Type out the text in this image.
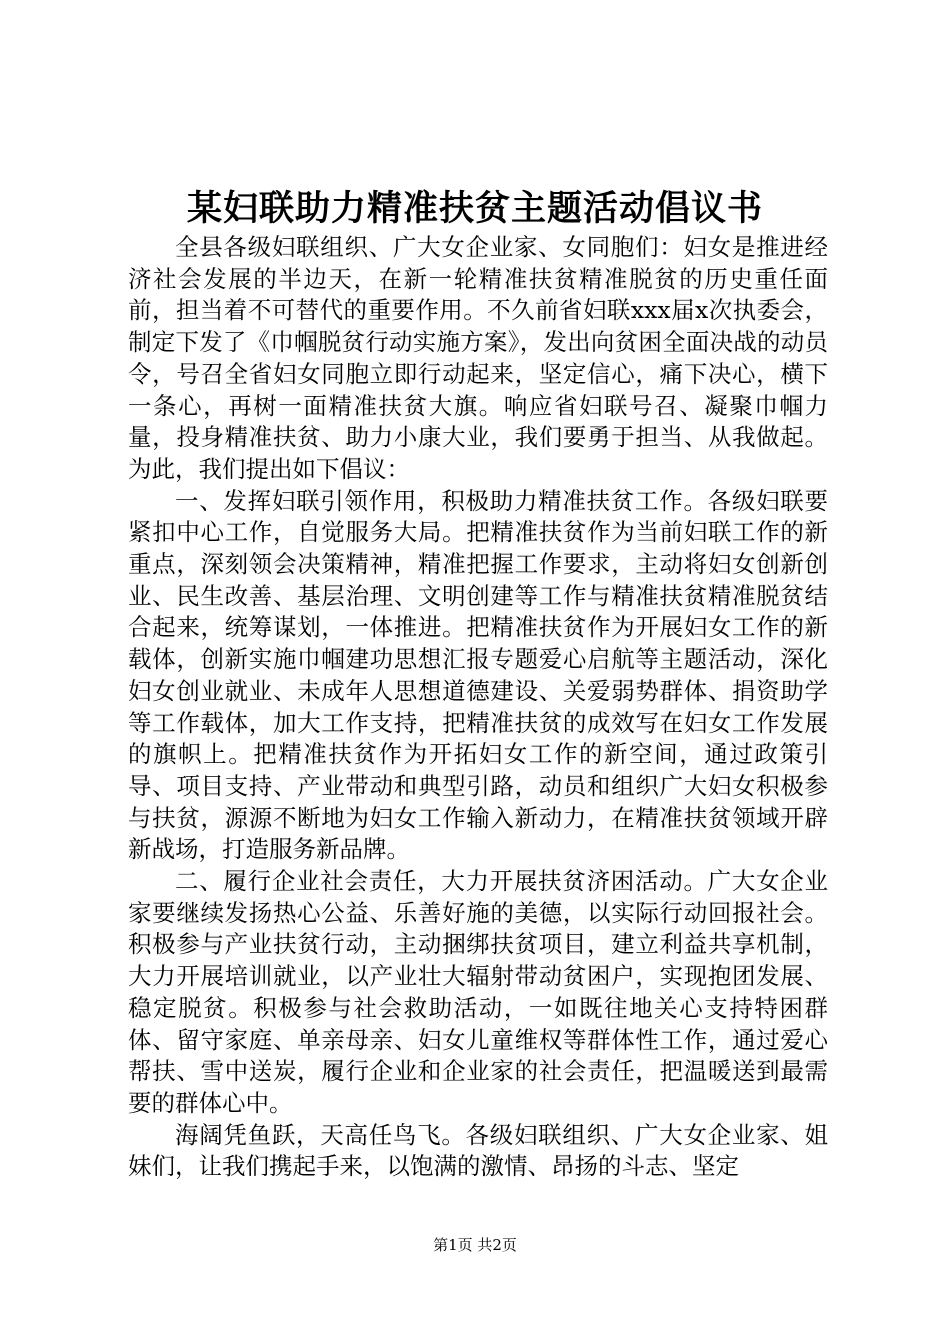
某妇联助力精准扶贫主题活动倡议书

全县各级妇联组织、广大女企业家、女同胞们：妇女是推进经济社会发展的半边天，在新一轮精准扶贫精准脱贫的历史重任面前，担当着不可替代的重要作用。不久前省妇联xxx届x次执委会，制定下发了《巾帼脱贫行动实施方案》，发出向贫困全面决战的动员令，号召全省妇女同胞立即行动起来，坚定信心，痛下决心，横下一条心，再树一面精准扶贫大旗。响应省妇联号召、凝聚巾帼力量，投身精准扶贫、助力小康大业，我们要勇于担当、从我做起。为此，我们提出如下倡议：

一、发挥妇联引领作用，积极助力精准扶贫工作。各级妇联要紧扣中心工作，自觉服务大局。把精准扶贫作为当前妇联工作的新重点，深刻领会决策精神，精准把握工作要求，主动将妇女创新创业、民生改善、基层治理、文明创建等工作与精准扶贫精准脱贫结合起来，统筹谋划，一体推进。把精准扶贫作为开展妇女工作的新载体，创新实施巾帼建功思想汇报专题爱心启航等主题活动，深化妇女创业就业、未成年人思想道德建设、关爱弱势群体、捐资助学等工作载体，加大工作支持，把精准扶贫的成效写在妇女工作发展的旗帜上。把精准扶贫作为开拓妇女工作的新空间，通过政策引导、项目支持、产业带动和典型引路，动员和组织广大妇女积极参与扶贫，源源不断地为妇女工作输入新动力，在精准扶贫领域开辟新战场，打造服务新品牌。

二、履行企业社会责任，大力开展扶贫济困活动。广大女企业家要继续发扬热心公益、乐善好施的美德，以实际行动回报社会。积极参与产业扶贫行动，主动捆绑扶贫项目，建立利益共享机制，大力开展培训就业，以产业壮大辐射带动贫困户，实现抱团发展、稳定脱贫。积极参与社会救助活动，一如既往地关心支持特困群体、留守家庭、单亲母亲、妇女儿童维权等群体性工作，通过爱心帮扶、雪中送炭，履行企业和企业家的社会责任，把温暖送到最需要的群体心中。

海阔凭鱼跃，天高任鸟飞。各级妇联组织、广大女企业家、姐妹们，让我们携起手来，以饱满的激情、昂扬的斗志、坚定

第1页 共2页
